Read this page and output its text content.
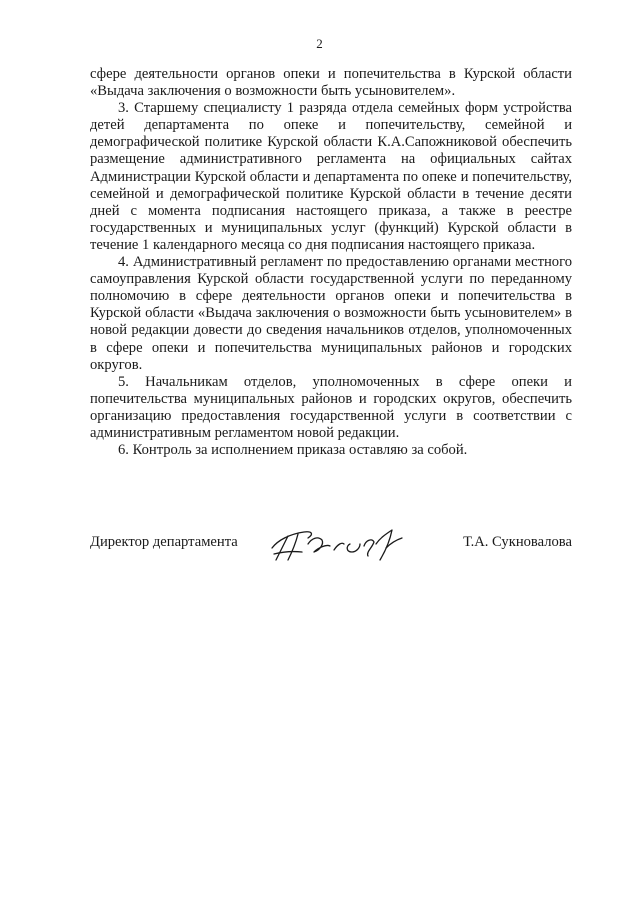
2

сфере деятельности органов опеки и попечительства в Курской области «Выдача заключения о возможности быть усыновителем».

3. Старшему специалисту 1 разряда отдела семейных форм устройства детей департамента по опеке и попечительству, семейной и демографической политике Курской области К.А.Сапожниковой обеспечить размещение административного регламента на официальных сайтах Администрации Курской области и департамента по опеке и попечительству, семейной и демографической политике Курской области в течение десяти дней с момента подписания настоящего приказа, а также в реестре государственных и муниципальных услуг (функций) Курской области в течение 1 календарного месяца со дня подписания настоящего приказа.

4. Административный регламент по предоставлению органами местного самоуправления Курской области государственной услуги по переданному полномочию в сфере деятельности органов опеки и попечительства в Курской области «Выдача заключения о возможности быть усыновителем» в новой редакции довести до сведения начальников отделов, уполномоченных в сфере опеки и попечительства муниципальных районов и городских округов.

5. Начальникам отделов, уполномоченных в сфере опеки и попечительства муниципальных районов и городских округов, обеспечить организацию предоставления государственной услуги в соответствии с административным регламентом новой редакции.

6. Контроль за исполнением приказа оставляю за собой.

Директор департамента	Т.А. Сукновалова
